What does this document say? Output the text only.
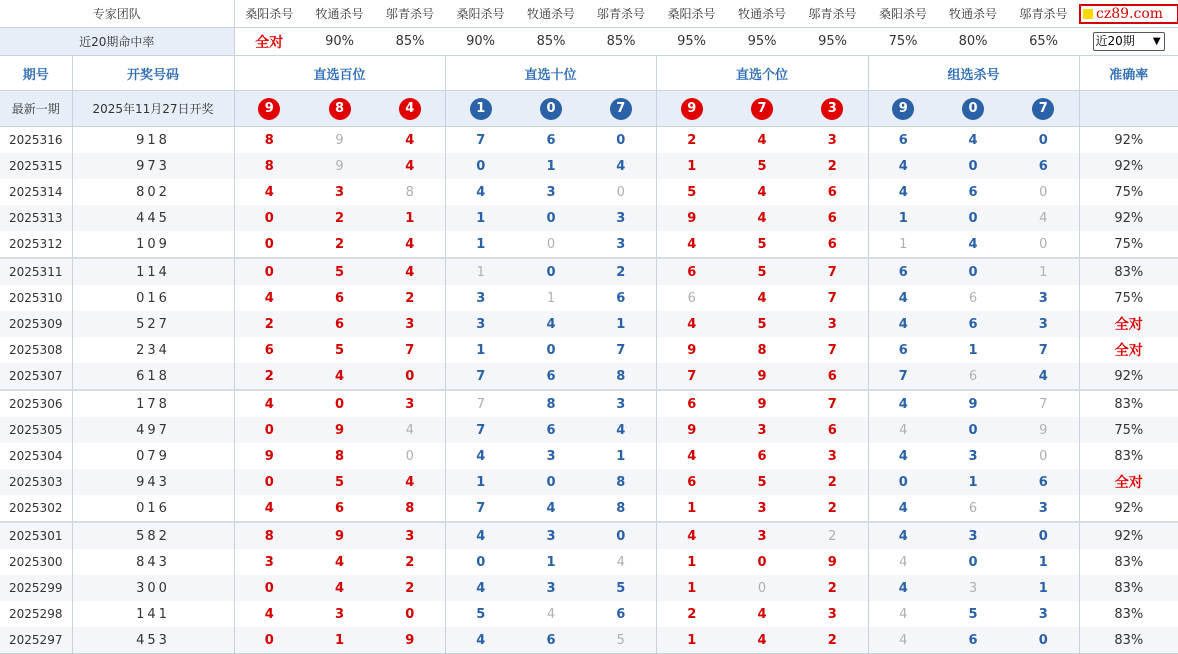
专家团队		桑阳杀号	牧通杀号	邬青杀号	桑阳杀号	牧通杀号	邬青杀号	桑阳杀号	牧通杀号	邬青杀号	桑阳杀号	牧通杀号	邬青杀号	cz89.com
近20期命中率		全对	90%	85%	90%	85%	85%	95%	95%	95%	75%	80%	65%	近20期 ▼

期号	开奖号码	直选百位			直选十位			直选个位			组选杀号			准确率
最新一期	2025年11月27日开奖	9	8	4	1	0	7	9	7	3	9	0	7	
2025316	918	8	9	4	7	6	0	2	4	3	6	4	0	92%
2025315	973	8	9	4	0	1	4	1	5	2	4	0	6	92%
2025314	802	4	3	8	4	3	0	5	4	6	4	6	0	75%
2025313	445	0	2	1	1	0	3	9	4	6	1	0	4	92%
2025312	109	0	2	4	1	0	3	4	5	6	1	4	0	75%
2025311	114	0	5	4	1	0	2	6	5	7	6	0	1	83%
2025310	016	4	6	2	3	1	6	6	4	7	4	6	3	75%
2025309	527	2	6	3	3	4	1	4	5	3	4	6	3	全对
2025308	234	6	5	7	1	0	7	9	8	7	6	1	7	全对
2025307	618	2	4	0	7	6	8	7	9	6	7	6	4	92%
2025306	178	4	0	3	7	8	3	6	9	7	4	9	7	83%
2025305	497	0	9	4	7	6	4	9	3	6	4	0	9	75%
2025304	079	9	8	0	4	3	1	4	6	3	4	3	0	83%
2025303	943	0	5	4	1	0	8	6	5	2	0	1	6	全对
2025302	016	4	6	8	7	4	8	1	3	2	4	6	3	92%
2025301	582	8	9	3	4	3	0	4	3	2	4	3	0	92%
2025300	843	3	4	2	0	1	4	1	0	9	4	0	1	83%
2025299	300	0	4	2	4	3	5	1	0	2	4	3	1	83%
2025298	141	4	3	0	5	4	6	2	4	3	4	5	3	83%
2025297	453	0	1	9	4	6	5	1	4	2	4	6	0	83%
